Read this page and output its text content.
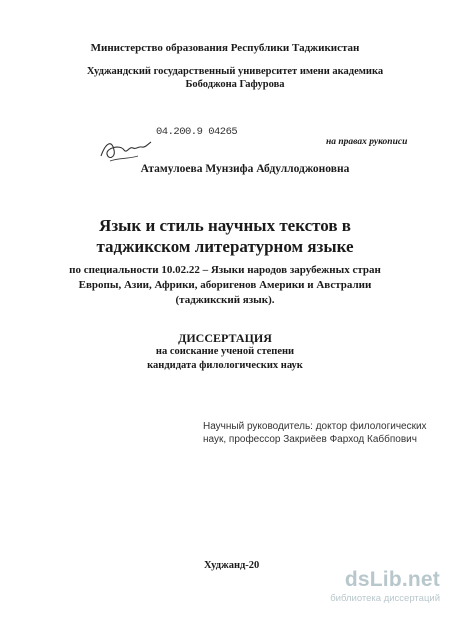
Министерство образования Республики Таджикистан
Худжандский государственный университет имени академика
Бободжона Гафурова
04.200.9 04265
на правах рукописи
Атамулоева Мунзифа Абдуллоджоновна
Язык и стиль научных текстов в
таджикском литературном языке
по специальности 10.02.22 – Языки народов зарубежных стран
Европы, Азии, Африки, аборигенов Америки и Австралии
(таджикский язык).
ДИССЕРТАЦИЯ
на соискание ученой степени
кандидата филологических наук
Научный руководитель: доктор филологических
наук, профессор Закриёев Фарход Каббпович
Худжанд-20
dsLib.net
библиотека диссертаций
